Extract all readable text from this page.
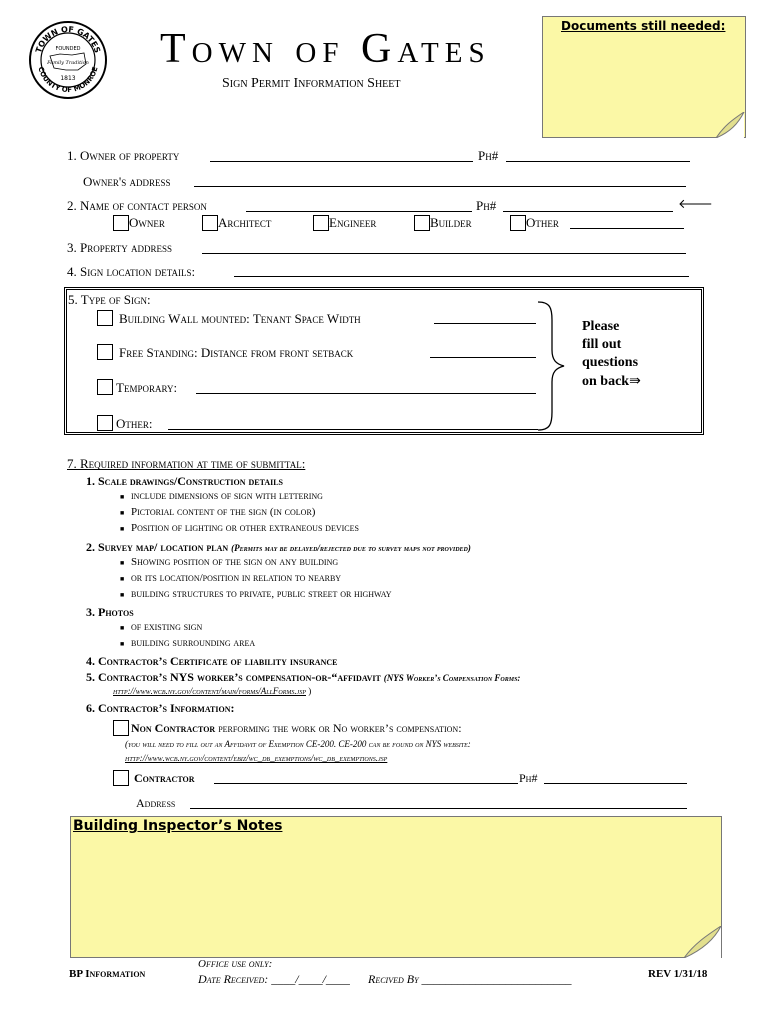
TOWN OF GATES
COUNTY OF MONROE
FOUNDED
Family Tradition
1813
Town of Gates
Sign Permit Information Sheet
Documents still needed:
1. Owner of property	Ph#
Owner's address
2. Name of contact person	Ph#	🡐
Owner	Architect	Engineer	Builder	Other
3. Property address
4. Sign location details:
5. Type of Sign:
Building Wall mounted: Tenant Space Width
Free Standing: Distance from front setback
Temporary:
Other:
Please
fill out
questions
on back⇛
7. Required information at time of submittal:
1. Scale drawings/Construction details
■ include dimensions of sign with lettering
■ Pictorial content of the sign (in color)
■ Position of lighting or other extraneous devices
2. Survey map/ location plan (Permits may be delayed/rejected due to survey maps not provided)
■ Showing position of the sign on any building
■ or its location/position in relation to nearby
■ building structures to private, public street or highway
3. Photos
■ of existing sign
■ building surrounding area
4. Contractor’s Certificate of liability insurance
5. Contractor’s NYS worker’s compensation-or-“affidavit (NYS Worker’s Compensation Forms:
http://www.wcb.ny.gov/content/main/forms/AllForms.jsp )
6. Contractor’s Information:
Non Contractor performing the work or No worker’s compensation:
(you will need to fill out an Affidavit of Exemption CE-200. CE-200 can be found on NYS website:
http://www.wcb.ny.gov/content/ebiz/wc_db_exemptions/wc_db_exemptions.jsp
Contractor	Ph#
Address
Building Inspector’s Notes
BP Information
Office use only:
Date Received: ____/____/____ Recived By _________________________	REV 1/31/18
